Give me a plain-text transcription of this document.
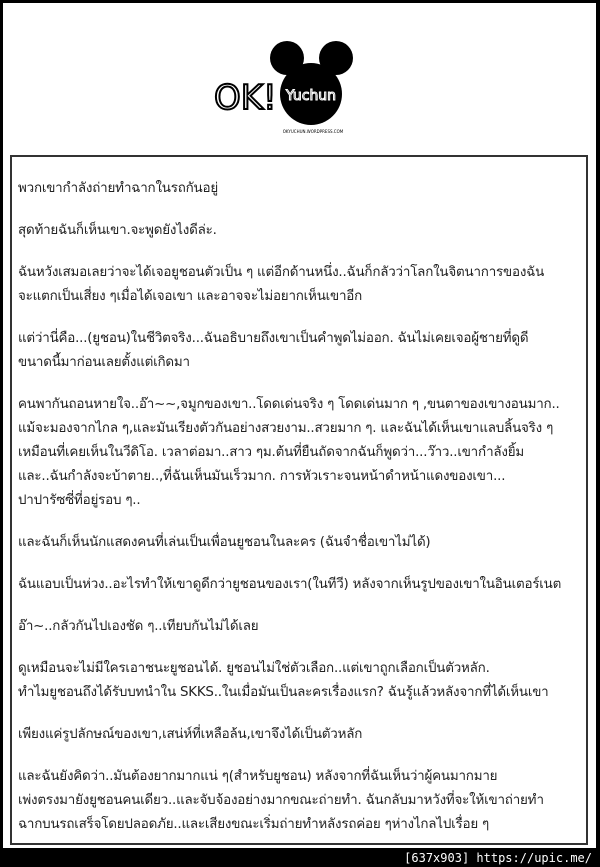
OK! Yuchun
OKYUCHUN.WORDPRESS.COM

พวกเขากำลังถ่ายทำฉากในรถกันอยู่

สุดท้ายฉันก็เห็นเขา.จะพูดยังไงดีล่ะ.

ฉันหวังเสมอเลยว่าจะได้เจอยูชอนตัวเป็น ๆ แต่อีกด้านหนึ่ง..ฉันก็กลัวว่าโลกในจิตนาการของฉัน
จะแตกเป็นเสี่ยง ๆเมื่อได้เจอเขา และอาจจะไม่อยากเห็นเขาอีก

แต่ว่านี่คือ...(ยูชอน)ในชีวิตจริง...ฉันอธิบายถึงเขาเป็นคำพูดไม่ออก. ฉันไม่เคยเจอผู้ชายที่ดูดี
ขนาดนี้มาก่อนเลยตั้งแต่เกิดมา

คนพากันถอนหายใจ..อ๊า~~,จมูกของเขา..โดดเด่นจริง ๆ โดดเด่นมาก ๆ ,ขนตาของเขางอนมาก..
แม้จะมองจากไกล ๆ,และมันเรียงตัวกันอย่างสวยงาม..สวยมาก ๆ. และฉันได้เห็นเขาแลบลิ้นจริง ๆ
เหมือนที่เคยเห็นในวีดิโอ. เวลาต่อมา..สาว ๆม.ต้นที่ยืนถัดจากฉันก็พูดว่า...ว๊าว..เขากำลังยิ้ม
และ..ฉันกำลังจะบ้าตาย..,ที่ฉันเห็นมันเร็วมาก. การหัวเราะจนหน้าดำหน้าแดงของเขา...
ปาปารัซซี่ที่อยู่รอบ ๆ..

และฉันก็เห็นนักแสดงคนที่เล่นเป็นเพื่อนยูชอนในละคร (ฉันจำชื่อเขาไม่ได้)

ฉันแอบเป็นห่วง..อะไรทำให้เขาดูดีกว่ายูชอนของเรา(ในทีวี) หลังจากเห็นรูปของเขาในอินเตอร์เนต

อ๊า~..กลัวกันไปเองชัด ๆ..เทียบกันไม่ได้เลย

ดูเหมือนจะไม่มีใครเอาชนะยูชอนได้. ยูชอนไม่ใช่ตัวเลือก..แต่เขาถูกเลือกเป็นตัวหลัก.
ทำไมยูชอนถึงได้รับบทนำใน SKKS..ในเมื่อมันเป็นละครเรื่องแรก? ฉันรู้แล้วหลังจากที่ได้เห็นเขา

เพียงแค่รูปลักษณ์ของเขา,เสน่ห์ที่เหลือล้น,เขาจึงได้เป็นตัวหลัก

และฉันยังคิดว่า..มันต้องยากมากแน่ ๆ(สำหรับยูชอน) หลังจากที่ฉันเห็นว่าผู้คนมากมาย
เพ่งตรงมายังยูชอนคนเดียว..และจับจ้องอย่างมากขณะถ่ายทำ. ฉันกลับมาหวังที่จะให้เขาถ่ายทำ
ฉากบนรถเสร็จโดยปลอดภัย..และเสียงขณะเริ่มถ่ายทำหลังรถค่อย ๆห่างไกลไปเรื่อย ๆ

[637x903] https://upic.me/
